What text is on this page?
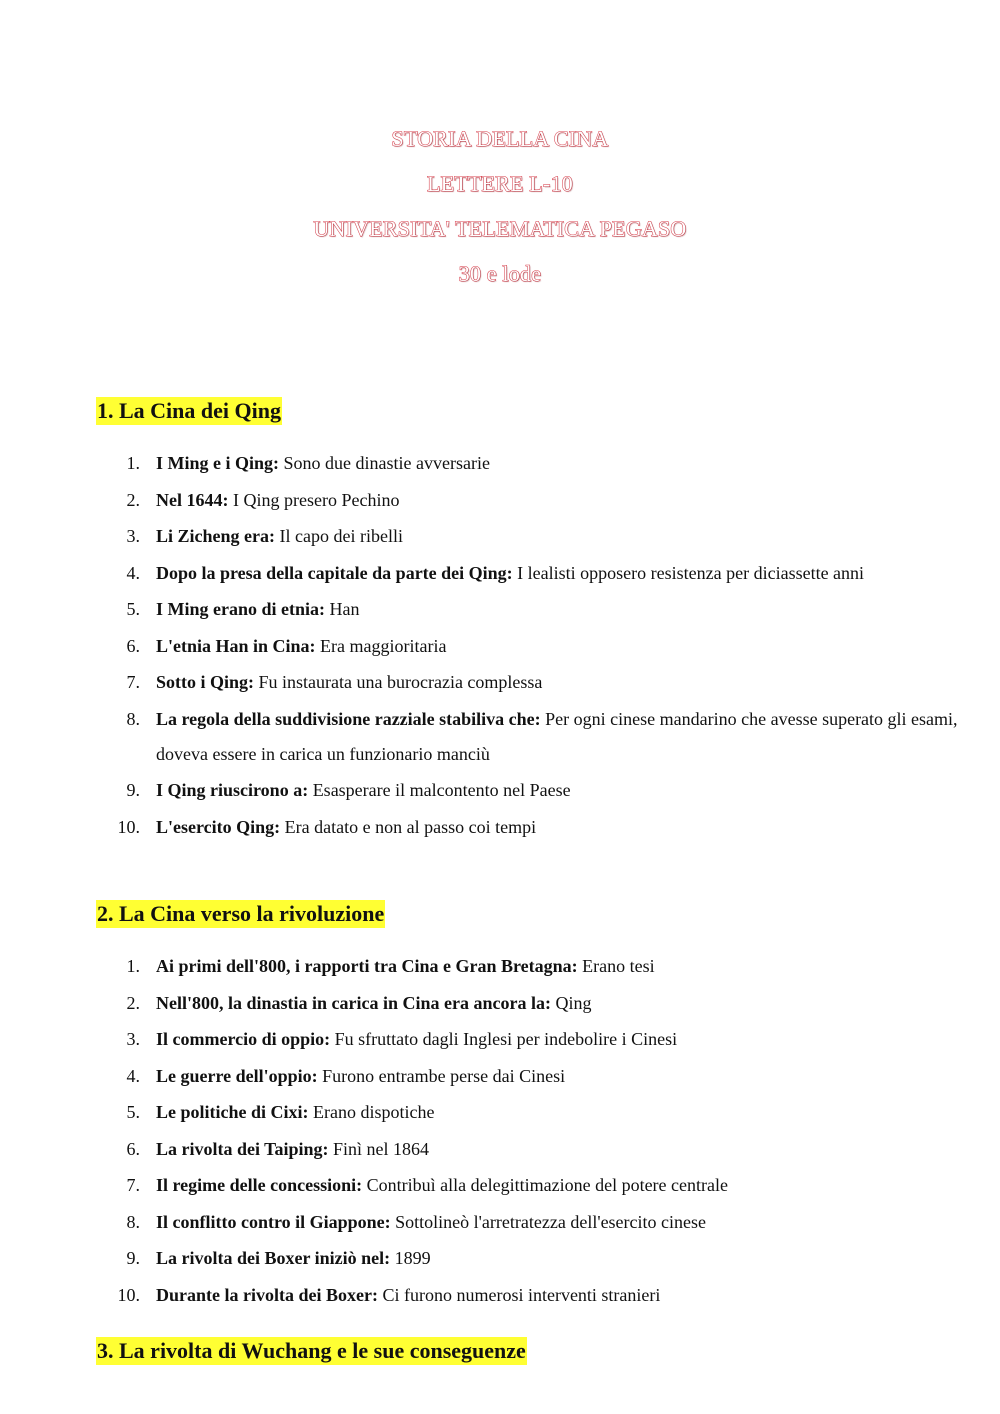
STORIA DELLA CINA
LETTERE L-10
UNIVERSITA' TELEMATICA PEGASO
30 e lode
1. La Cina dei Qing
1. I Ming e i Qing: Sono due dinastie avversarie
2. Nel 1644: I Qing presero Pechino
3. Li Zicheng era: Il capo dei ribelli
4. Dopo la presa della capitale da parte dei Qing: I lealisti opposero resistenza per diciassette anni
5. I Ming erano di etnia: Han
6. L'etnia Han in Cina: Era maggioritaria
7. Sotto i Qing: Fu instaurata una burocrazia complessa
8. La regola della suddivisione razziale stabiliva che: Per ogni cinese mandarino che avesse superato gli esami, doveva essere in carica un funzionario manciù
9. I Qing riuscirono a: Esasperare il malcontento nel Paese
10. L'esercito Qing: Era datato e non al passo coi tempi
2. La Cina verso la rivoluzione
1. Ai primi dell'800, i rapporti tra Cina e Gran Bretagna: Erano tesi
2. Nell'800, la dinastia in carica in Cina era ancora la: Qing
3. Il commercio di oppio: Fu sfruttato dagli Inglesi per indebolire i Cinesi
4. Le guerre dell'oppio: Furono entrambe perse dai Cinesi
5. Le politiche di Cixi: Erano dispotiche
6. La rivolta dei Taiping: Finì nel 1864
7. Il regime delle concessioni: Contribuì alla delegittimazione del potere centrale
8. Il conflitto contro il Giappone: Sottolineò l'arretratezza dell'esercito cinese
9. La rivolta dei Boxer iniziò nel: 1899
10. Durante la rivolta dei Boxer: Ci furono numerosi interventi stranieri
3. La rivolta di Wuchang e le sue conseguenze
